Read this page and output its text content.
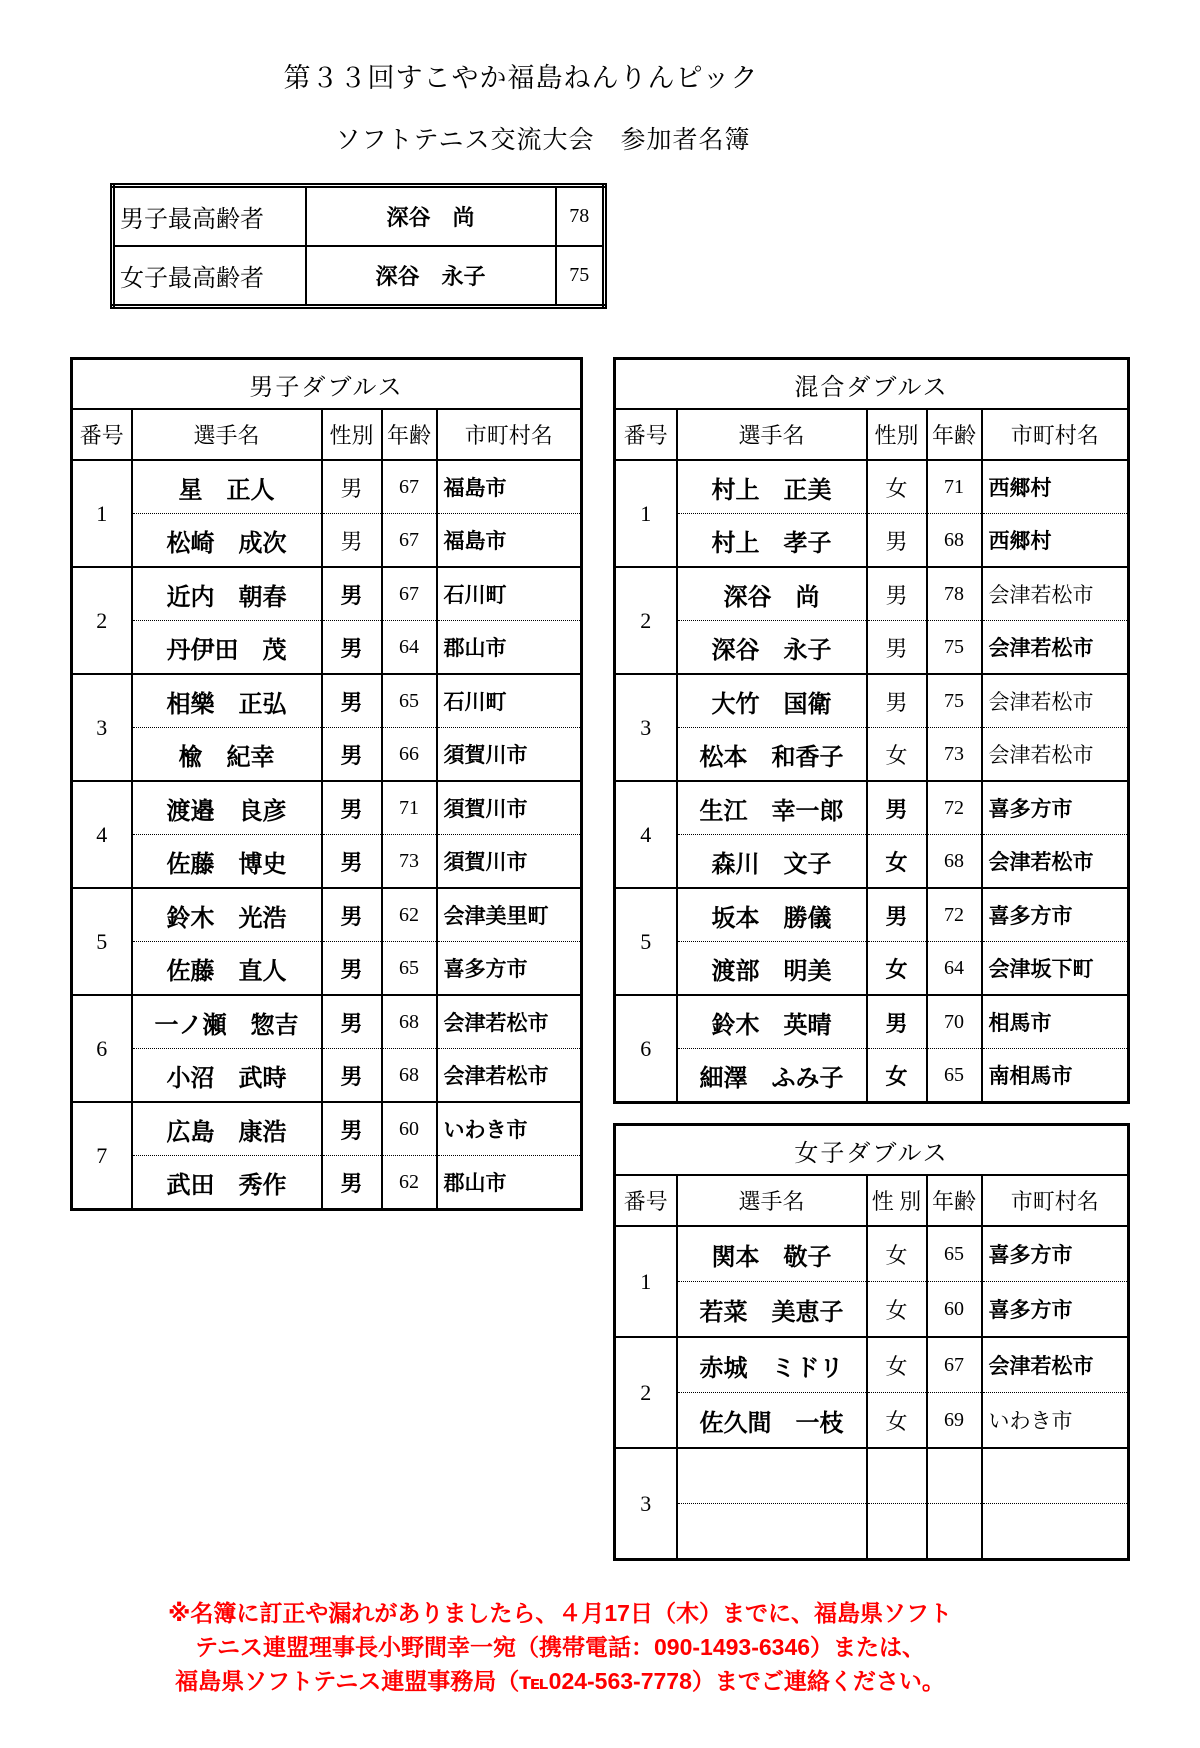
第３３回すこやか福島ねんりんピック
ソフトテニス交流大会　参加者名簿
男子最高齢者	深谷　尚	78
女子最高齢者	深谷　永子	75
男子ダブルス				
番号	選手名	性別	年齢	市町村名
1	星　正人	男	67	福島市
	松崎　成次	男	67	福島市
2	近内　朝春	男	67	石川町
	丹伊田　茂	男	64	郡山市
3	相樂　正弘	男	65	石川町
	楡　紀幸	男	66	須賀川市
4	渡邉　良彦	男	71	須賀川市
	佐藤　博史	男	73	須賀川市
5	鈴木　光浩	男	62	会津美里町
	佐藤　直人	男	65	喜多方市
6	一ノ瀬　惣吉	男	68	会津若松市
	小沼　武時	男	68	会津若松市
7	広島　康浩	男	60	いわき市
	武田　秀作	男	62	郡山市
混合ダブルス				
番号	選手名	性別	年齢	市町村名
1	村上　正美	女	71	西郷村
	村上　孝子	男	68	西郷村
2	深谷　尚	男	78	会津若松市
	深谷　永子	男	75	会津若松市
3	大竹　国衛	男	75	会津若松市
	松本　和香子	女	73	会津若松市
4	生江　幸一郎	男	72	喜多方市
	森川　文子	女	68	会津若松市
5	坂本　勝儀	男	72	喜多方市
	渡部　明美	女	64	会津坂下町
6	鈴木　英晴	男	70	相馬市
	細澤　ふみ子	女	65	南相馬市
女子ダブルス				
番号	選手名	性 別	年齢	市町村名
1	関本　敬子	女	65	喜多方市
	若菜　美恵子	女	60	喜多方市
2	赤城　ミドリ	女	67	会津若松市
	佐久間　一枝	女	69	いわき市
3				

※名簿に訂正や漏れがありましたら、４月17日（木）までに、福島県ソフト
テニス連盟理事長小野間幸一宛（携帯電話：090-1493-6346）または、
福島県ソフトテニス連盟事務局（℡024-563-7778）までご連絡ください。
